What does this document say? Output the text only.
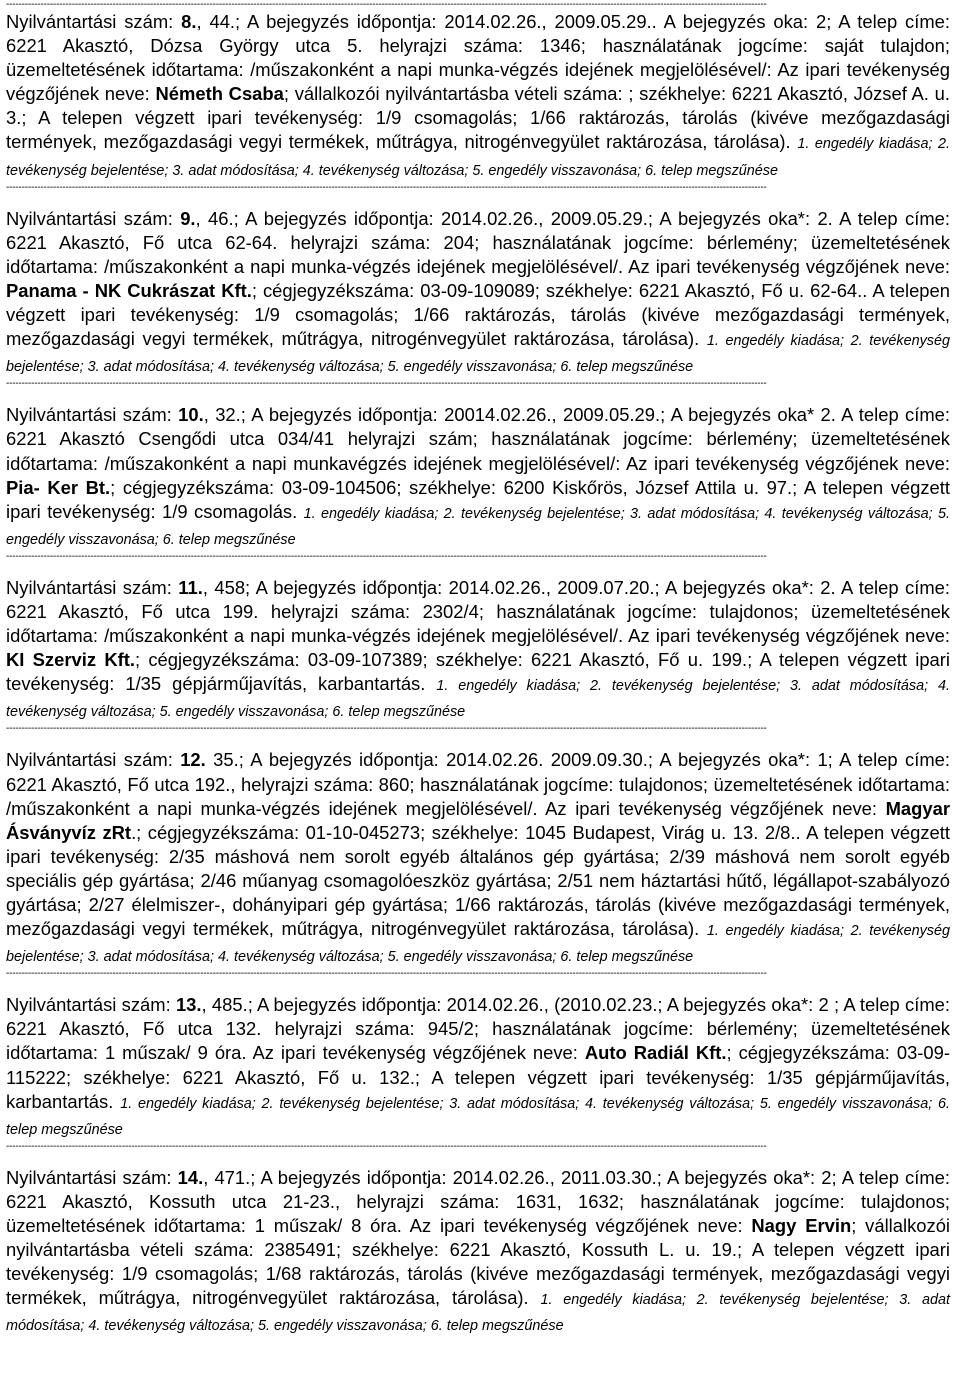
---------------------------------------------------------------------------------------------------------------------------------------------------------------------------------------------------------------------------------------------------
Nyilvántartási szám: 8., 44.; A bejegyzés időpontja: 2014.02.26., 2009.05.29.. A bejegyzés oka: 2; A telep címe: 6221 Akasztó, Dózsa György utca 5. helyrajzi száma: 1346; használatának jogcíme: saját tulajdon; üzemeltetésének időtartama: /műszakonként a napi munka-végzés idejének megjelölésével/: Az ipari tevékenység végzőjének neve: Németh Csaba; vállalkozói nyilvántartásba vételi száma: ; székhelye: 6221 Akasztó, József A. u. 3.; A telepen végzett ipari tevékenység: 1/9 csomagolás; 1/66 raktározás, tárolás (kivéve mezőgazdasági termények, mezőgazdasági vegyi termékek, műtrágya, nitrogénvegyület raktározása, tárolása). 1. engedély kiadása; 2. tevékenység bejelentése; 3. adat módosítása; 4. tevékenység változása; 5. engedély visszavonása; 6. telep megszűnése
---------------------------------------------------------------------------------------------------------------------------------------------------------------------------------------------------------------------------------------------------
Nyilvántartási szám: 9., 46.; A bejegyzés időpontja: 2014.02.26., 2009.05.29.; A bejegyzés oka*: 2. A telep címe: 6221 Akasztó, Fő utca 62-64. helyrajzi száma: 204; használatának jogcíme: bérlemény; üzemeltetésének időtartama: /műszakonként a napi munka-végzés idejének megjelölésével/. Az ipari tevékenység végzőjének neve: Panama - NK Cukrászat Kft.; cégjegyzékszáma: 03-09-109089; székhelye: 6221 Akasztó, Fő u. 62-64.. A telepen végzett ipari tevékenység: 1/9 csomagolás; 1/66 raktározás, tárolás (kivéve mezőgazdasági termények, mezőgazdasági vegyi termékek, műtrágya, nitrogénvegyület raktározása, tárolása). 1. engedély kiadása; 2. tevékenység bejelentése; 3. adat módosítása; 4. tevékenység változása; 5. engedély visszavonása; 6. telep megszűnése
---------------------------------------------------------------------------------------------------------------------------------------------------------------------------------------------------------------------------------------------------
Nyilvántartási szám: 10., 32.; A bejegyzés időpontja: 20014.02.26., 2009.05.29.; A bejegyzés oka* 2. A telep címe: 6221 Akasztó Csengődi utca 034/41 helyrajzi szám; használatának jogcíme: bérlemény; üzemeltetésének időtartama: /műszakonként a napi munkavégzés idejének megjelölésével/: Az ipari tevékenység végzőjének neve: Pia- Ker Bt.; cégjegyzékszáma: 03-09-104506; székhelye: 6200 Kiskőrös, József Attila u. 97.; A telepen végzett ipari tevékenység: 1/9 csomagolás. 1. engedély kiadása; 2. tevékenység bejelentése; 3. adat módosítása; 4. tevékenység változása; 5. engedély visszavonása; 6. telep megszűnése
---------------------------------------------------------------------------------------------------------------------------------------------------------------------------------------------------------------------------------------------------
Nyilvántartási szám: 11., 458; A bejegyzés időpontja: 2014.02.26., 2009.07.20.; A bejegyzés oka*: 2. A telep címe: 6221 Akasztó, Fő utca 199. helyrajzi száma: 2302/4; használatának jogcíme: tulajdonos; üzemeltetésének időtartama: /műszakonként a napi munka-végzés idejének megjelölésével/. Az ipari tevékenység végzőjének neve: KI Szerviz Kft.; cégjegyzékszáma: 03-09-107389; székhelye: 6221 Akasztó, Fő u. 199.; A telepen végzett ipari tevékenység: 1/35 gépjárműjavítás, karbantartás. 1. engedély kiadása; 2. tevékenység bejelentése; 3. adat módosítása; 4. tevékenység változása; 5. engedély visszavonása; 6. telep megszűnése
---------------------------------------------------------------------------------------------------------------------------------------------------------------------------------------------------------------------------------------------------
Nyilvántartási szám: 12. 35.; A bejegyzés időpontja: 2014.02.26. 2009.09.30.; A bejegyzés oka*: 1; A telep címe: 6221 Akasztó, Fő utca 192., helyrajzi száma: 860; használatának jogcíme: tulajdonos; üzemeltetésének időtartama: /műszakonként a napi munka-végzés idejének megjelölésével/. Az ipari tevékenység végzőjének neve: Magyar Ásványvíz zRt.; cégjegyzékszáma: 01-10-045273; székhelye: 1045 Budapest, Virág u. 13. 2/8.. A telepen végzett ipari tevékenység: 2/35 máshová nem sorolt egyéb általános gép gyártása; 2/39 máshová nem sorolt egyéb speciális gép gyártása; 2/46 műanyag csomagolóeszköz gyártása; 2/51 nem háztartási hűtő, légállapot-szabályozó gyártása; 2/27 élelmiszer-, dohányipari gép gyártása; 1/66 raktározás, tárolás (kivéve mezőgazdasági termények, mezőgazdasági vegyi termékek, műtrágya, nitrogénvegyület raktározása, tárolása). 1. engedély kiadása; 2. tevékenység bejelentése; 3. adat módosítása; 4. tevékenység változása; 5. engedély visszavonása; 6. telep megszűnése
---------------------------------------------------------------------------------------------------------------------------------------------------------------------------------------------------------------------------------------------------
Nyilvántartási szám: 13., 485.; A bejegyzés időpontja: 2014.02.26., (2010.02.23.; A bejegyzés oka*: 2 ; A telep címe: 6221 Akasztó, Fő utca 132. helyrajzi száma: 945/2; használatának jogcíme: bérlemény; üzemeltetésének időtartama: 1 műszak/ 9 óra. Az ipari tevékenység végzőjének neve: Auto Radiál Kft.; cégjegyzékszáma: 03-09-115222; székhelye: 6221 Akasztó, Fő u. 132.; A telepen végzett ipari tevékenység: 1/35 gépjárműjavítás, karbantartás. 1. engedély kiadása; 2. tevékenység bejelentése; 3. adat módosítása; 4. tevékenység változása; 5. engedély visszavonása; 6. telep megszűnése
---------------------------------------------------------------------------------------------------------------------------------------------------------------------------------------------------------------------------------------------------
Nyilvántartási szám: 14., 471.; A bejegyzés időpontja: 2014.02.26., 2011.03.30.; A bejegyzés oka*: 2; A telep címe: 6221 Akasztó, Kossuth utca 21-23., helyrajzi száma: 1631, 1632; használatának jogcíme: tulajdonos; üzemeltetésének időtartama: 1 műszak/ 8 óra. Az ipari tevékenység végzőjének neve: Nagy Ervin; vállalkozói nyilvántartásba vételi száma: 2385491; székhelye: 6221 Akasztó, Kossuth L. u. 19.; A telepen végzett ipari tevékenység: 1/9 csomagolás; 1/68 raktározás, tárolás (kivéve mezőgazdasági termények, mezőgazdasági vegyi termékek, műtrágya, nitrogénvegyület raktározása, tárolása). 1. engedély kiadása; 2. tevékenység bejelentése; 3. adat módosítása; 4. tevékenység változása; 5. engedély visszavonása; 6. telep megszűnése
